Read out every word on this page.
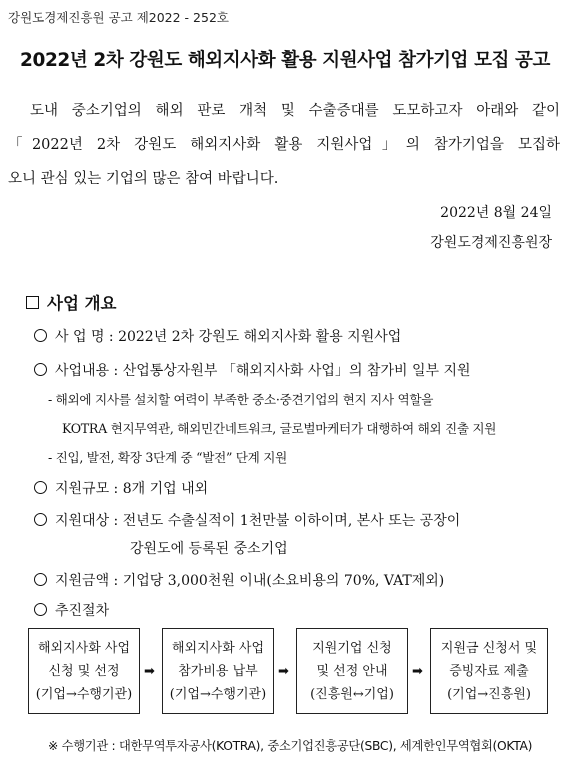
강원도경제진흥원 공고 제2022 - 252호
2022년 2차 강원도 해외지사화 활용 지원사업 참가기업 모집 공고
도내 중소기업의 해외 판로 개척 및 수출증대를 도모하고자 아래와 같이
「2022년 2차 강원도 해외지사화 활용 지원사업」의 참가기업을 모집하
오니 관심 있는 기업의 많은 참여 바랍니다.
2022년 8월 24일
강원도경제진흥원장
사업 개요
사 업 명 : 2022년 2차 강원도 해외지사화 활용 지원사업
사업내용 : 산업통상자원부 「해외지사화 사업」의 참가비 일부 지원
- 해외에 지사를 설치할 여력이 부족한 중소·중견기업의 현지 지사 역할을
KOTRA 현지무역관, 해외민간네트워크, 글로벌마케터가 대행하여 해외 진출 지원
- 진입, 발전, 확장 3단계 중 “발전” 단계 지원
지원규모 : 8개 기업 내외
지원대상 : 전년도 수출실적이 1천만불 이하이며, 본사 또는 공장이
강원도에 등록된 중소기업
지원금액 : 기업당 3,000천원 이내(소요비용의 70%, VAT제외)
추진절차
해외지사화 사업
신청 및 선정
(기업→수행기관)
➡
해외지사화 사업
참가비용 납부
(기업→수행기관)
➡
지원기업 신청
및 선정 안내
(진흥원↔기업)
➡
지원금 신청서 및
증빙자료 제출
(기업→진흥원)
※ 수행기관 : 대한무역투자공사(KOTRA), 중소기업진흥공단(SBC), 세계한인무역협회(OKTA)
